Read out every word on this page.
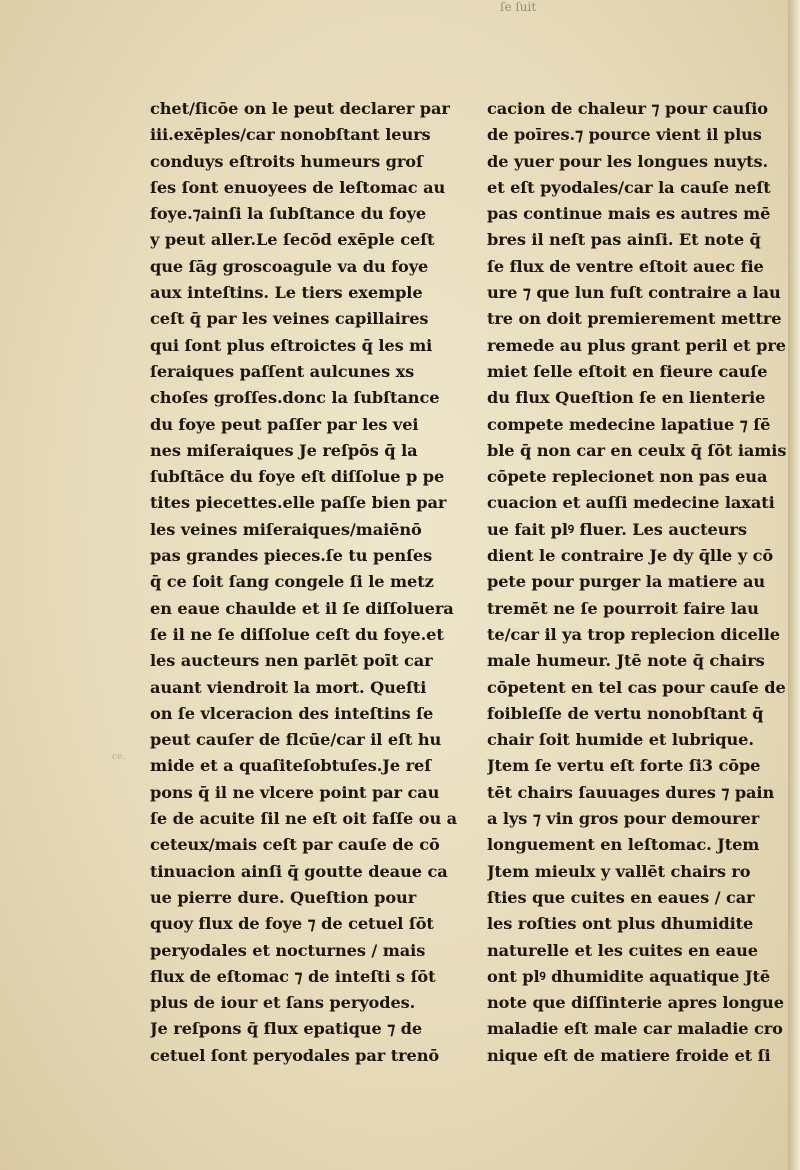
ſe ſuit
chet/ſicōe on le peut declarer par
iii.exēples/car nonobſtant leurs
conduys eſtroits humeurs groſ
ſes ſont enuoyees de leſtomac au
foye.⁊ainſi la ſubſtance du foye
y peut aller.Le ſecōd exēple ceſt
que ſāg groscoagule va du foye
aux inteſtins. Le tiers exemple
ceſt q̄ par les veines capillaires
qui ſont plus eſtroictes q̄ les mi
ſeraiques paſſent aulcunes xs
choſes groſſes.donc la ſubſtance
du foye peut paſſer par les vei
nes miſeraiques Je reſpōs q̄ la
ſubſtāce du foye eſt diſſolue p pe
tites piecettes.elle paſſe bien par
les veines miſeraiques/maiēnō
pas grandes pieces.ſe tu penſes
q̄ ce ſoit ſang congele ſi le metz
en eaue chaulde et il ſe diſſoluera
ſe il ne ſe diſſolue ceſt du foye.et
les aucteurs nen parlēt poīt car
auant viendroit la mort. Queſti
on ſe vlceracion des inteſtins ſe
peut cauſer de flcūe/car il eſt hu
mide et a quaſiteſobtuſes.Je reſ
pons q̄ il ne vlcere point par cau
ſe de acuite ſil ne eſt oit faſſe ou a
ceteux/mais ceſt par cauſe de cō
tinuacion ainſi q̄ goutte deaue ca
ue pierre dure. Queſtion pour
quoy flux de foye ⁊ de cetuel ſōt
peryodales et nocturnes / mais
flux de eſtomac ⁊ de inteſti s ſōt
plus de iour et ſans peryodes.
Je reſpons q̄ flux epatique ⁊ de
cetuel ſont peryodales par trenō
cacion de chaleur ⁊ pour cauſio
de poīres.⁊ pource vient il plus
de yuer pour les longues nuyts.
et eſt pyodales/car la cauſe neſt
pas continue mais es autres mē
bres il neſt pas ainſi. Et note q̄
ſe flux de ventre eſtoit auec fie
ure ⁊ que lun fuſt contraire a lau
tre on doit premierement mettre
remede au plus grant peril et pre
miet ſelle eſtoit en fieure cauſe
du flux Queſtion ſe en lienterie
compete medecine lapatiue ⁊ ſē
ble q̄ non car en ceulx q̄ ſōt iamis
cōpete replecionet non pas eua
cuacion et auſſi medecine laxati
ue fait plꝰ fluer. Les aucteurs
dient le contraire Je dy q̄lle y cō
pete pour purger la matiere au
tremēt ne ſe pourroit faire lau
te/car il ya trop replecion dicelle
male humeur. Jtē note q̄ chairs
cōpetent en tel cas pour cauſe de
foibleſſe de vertu nonobſtant q̄
chair ſoit humide et lubrique.
Jtem ſe vertu eſt forte ſi3 cōpe
tēt chairs ſauuages dures ⁊ pain
a lys ⁊ vin gros pour demourer
longuement en leſtomac. Jtem
Jtem mieulx y vallēt chairs ro
ſties que cuites en eaues / car
les roſties ont plus dhumidite
naturelle et les cuites en eaue
ont plꝰ dhumidite aquatique Jtē
note que diſſinterie apres longue
maladie eſt male car maladie cro
nique eſt de matiere froide et ſi
ce.
